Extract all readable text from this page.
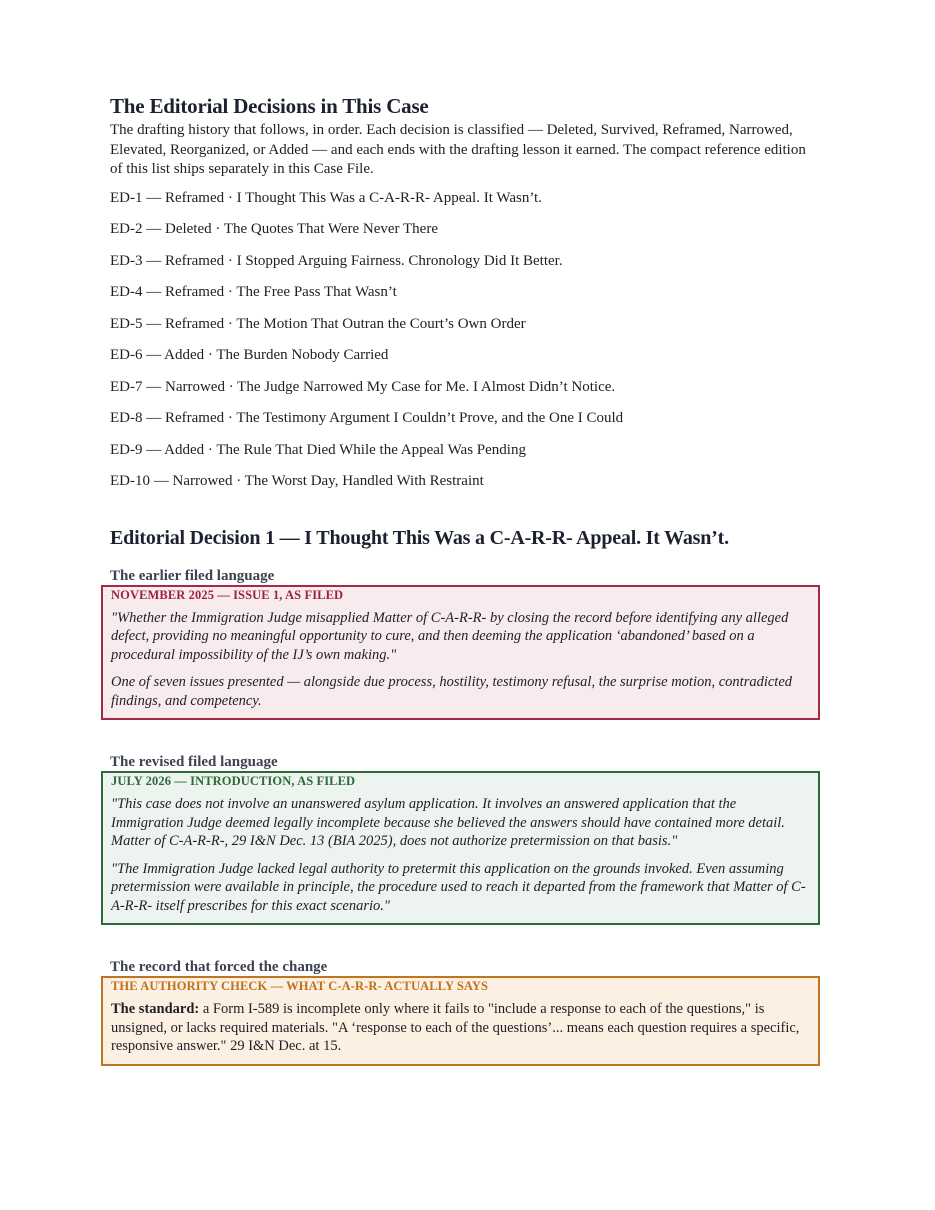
The Editorial Decisions in This Case

The drafting history that follows, in order. Each decision is classified — Deleted, Survived, Reframed, Narrowed, Elevated, Reorganized, or Added — and each ends with the drafting lesson it earned. The compact reference edition of this list ships separately in this Case File.

ED-1 — Reframed · I Thought This Was a C-A-R-R- Appeal. It Wasn’t.
ED-2 — Deleted · The Quotes That Were Never There
ED-3 — Reframed · I Stopped Arguing Fairness. Chronology Did It Better.
ED-4 — Reframed · The Free Pass That Wasn’t
ED-5 — Reframed · The Motion That Outran the Court’s Own Order
ED-6 — Added · The Burden Nobody Carried
ED-7 — Narrowed · The Judge Narrowed My Case for Me. I Almost Didn’t Notice.
ED-8 — Reframed · The Testimony Argument I Couldn’t Prove, and the One I Could
ED-9 — Added · The Rule That Died While the Appeal Was Pending
ED-10 — Narrowed · The Worst Day, Handled With Restraint
Editorial Decision 1 — I Thought This Was a C-A-R-R- Appeal. It Wasn’t.
The earlier filed language
NOVEMBER 2025 — ISSUE 1, AS FILED

"Whether the Immigration Judge misapplied Matter of C-A-R-R- by closing the record before identifying any alleged defect, providing no meaningful opportunity to cure, and then deeming the application ‘abandoned’ based on a procedural impossibility of the IJ’s own making."

One of seven issues presented — alongside due process, hostility, testimony refusal, the surprise motion, contradicted findings, and competency.

The revised filed language
JULY 2026 — INTRODUCTION, AS FILED

"This case does not involve an unanswered asylum application. It involves an answered application that the Immigration Judge deemed legally incomplete because she believed the answers should have contained more detail. Matter of C-A-R-R-, 29 I&N Dec. 13 (BIA 2025), does not authorize pretermission on that basis."

"The Immigration Judge lacked legal authority to pretermit this application on the grounds invoked. Even assuming pretermission were available in principle, the procedure used to reach it departed from the framework that Matter of C-A-R-R- itself prescribes for this exact scenario."

The record that forced the change
THE AUTHORITY CHECK — WHAT C-A-R-R- ACTUALLY SAYS

The standard: a Form I-589 is incomplete only where it fails to "include a response to each of the questions," is unsigned, or lacks required materials. "A ‘response to each of the questions’... means each question requires a specific, responsive answer." 29 I&N Dec. at 15.
